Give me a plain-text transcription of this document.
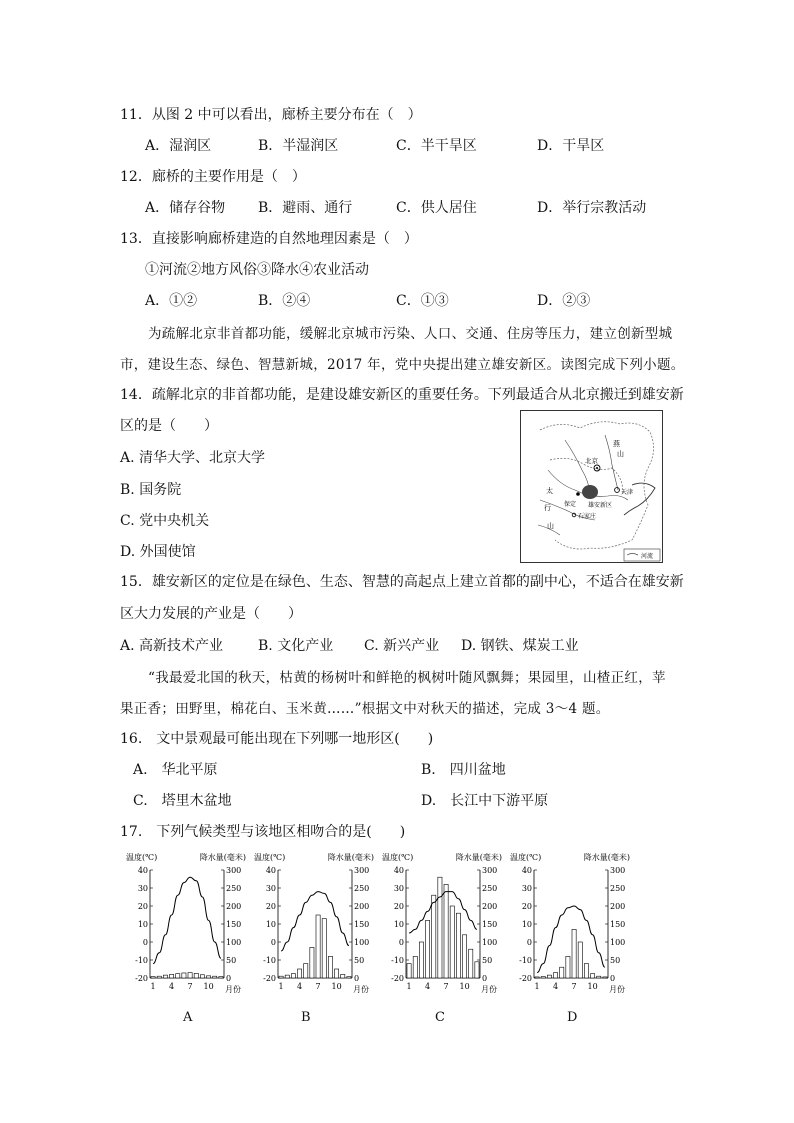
11．从图 2 中可以看出，廊桥主要分布在（　）
A．湿润区	B．半湿润区	C．半干旱区	D．干旱区
12．廊桥的主要作用是（　）
A．储存谷物 B．避雨、通行	C．供人居住	D．举行宗教活动
13．直接影响廊桥建造的自然地理因素是（　）
①河流②地方风俗③降水④农业活动
A．①②	B．②④	C．①③	D．②③
为疏解北京非首都功能，缓解北京城市污染、人口、交通、住房等压力，建立创新型城
市，建设生态、绿色、智慧新城，2017 年，党中央提出建立雄安新区。读图完成下列小题。
14．疏解北京的非首都功能，是建设雄安新区的重要任务。下列最适合从北京搬迁到雄安新
区的是（　　）
A. 清华大学、北京大学
B. 国务院
C. 党中央机关
D. 外国使馆
燕
山
北京
天津
太
行
山
保定 雄安新区
石家庄
河流
15．雄安新区的定位是在绿色、生态、智慧的高起点上建立首都的副中心，不适合在雄安新
区大力发展的产业是（　　）
A. 高新技术产业 B. 文化产业 C. 新兴产业 D. 钢铁、煤炭工业
“我最爱北国的秋天，枯黄的杨树叶和鲜艳的枫树叶随风飘舞；果园里，山楂正红，苹
果正香；田野里，棉花白、玉米黄……”根据文中对秋天的描述，完成 3～4 题。
16.　文中景观最可能出现在下列哪一地形区(　　)
A.　华北平原	B.　四川盆地
C.　塔里木盆地	D.　长江中下游平原
17.　下列气候类型与该地区相吻合的是(　　)
温度(℃)	降水量(毫米)
40
30
20
10
0
-10
-20
300
250
200
150
100
50
0
1 4 7 10 月份
温度(℃)	降水量(毫米)
40
30
20
10
0
-10
-20
300
250
200
150
100
50
0
1 4 7 10 月份
温度(℃)	降水量(毫米)
40
30
20
10
0
-10
-20
300
250
200
150
100
50
0
1 4 7 10 月份
温度(℃)	降水量(毫米)
40
30
20
10
0
-10
-20
300
250
200
150
100
50
0
1 4 7 10 月份
A	B	C	D
